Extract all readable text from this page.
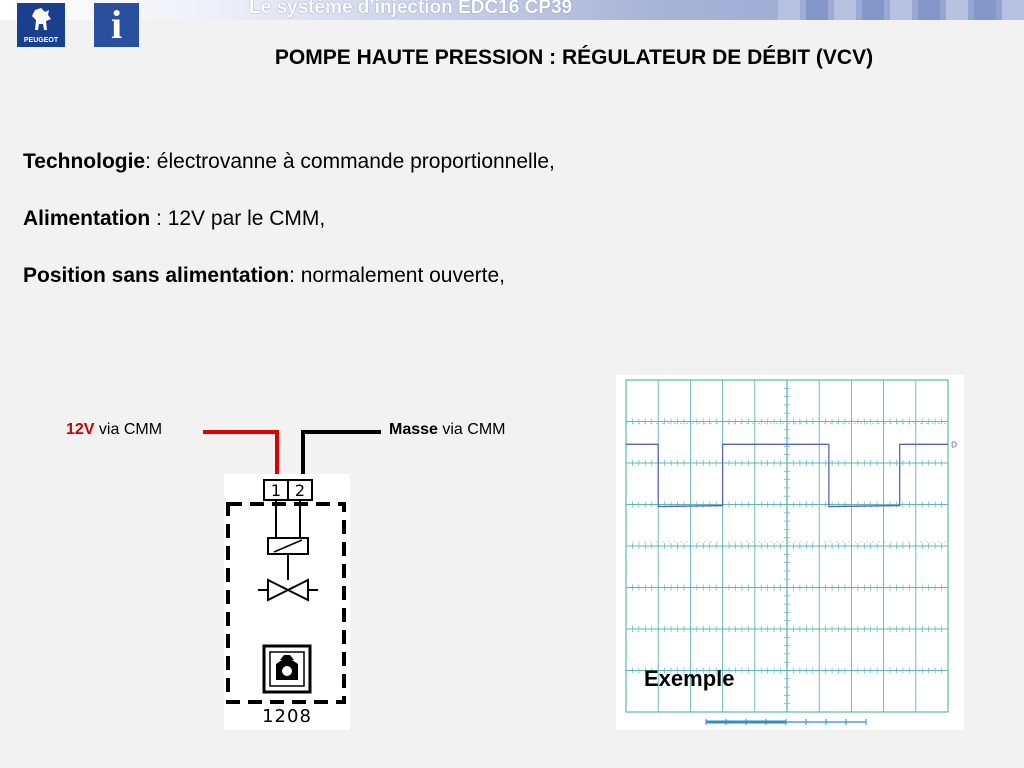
Le système d’injection EDC16 CP39
PEUGEOT	i
POMPE HAUTE PRESSION : RÉGULATEUR DE DÉBIT (VCV)
Technologie: électrovanne à commande proportionnelle,
Alimentation : 12V par le CMM,
Position sans alimentation: normalement ouverte,
12V via CMM	Masse via CMM
1 2
1208
D
Exemple
